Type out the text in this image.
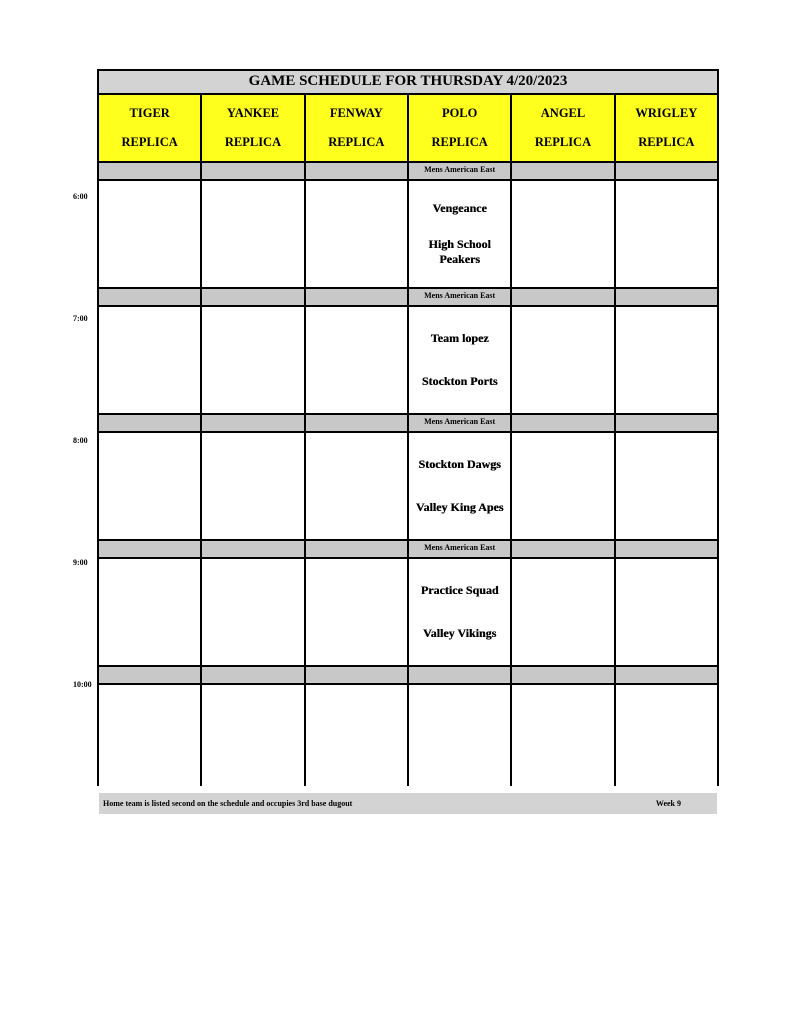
6:00
7:00
8:00
9:00
10:00
GAME SCHEDULE FOR THURSDAY 4/20/2023
TIGER
REPLICA
YANKEE
REPLICA
FENWAY
REPLICA
POLO
REPLICA
ANGEL
REPLICA
WRIGLEY
REPLICA
Mens American East
Vengeance
High School Peakers
Mens American East
Team lopez
Stockton Ports
Mens American East
Stockton Dawgs
Valley King Apes
Mens American East
Practice Squad
Valley Vikings
Home team is listed second on the schedule and occupies 3rd base dugout	Week 9
